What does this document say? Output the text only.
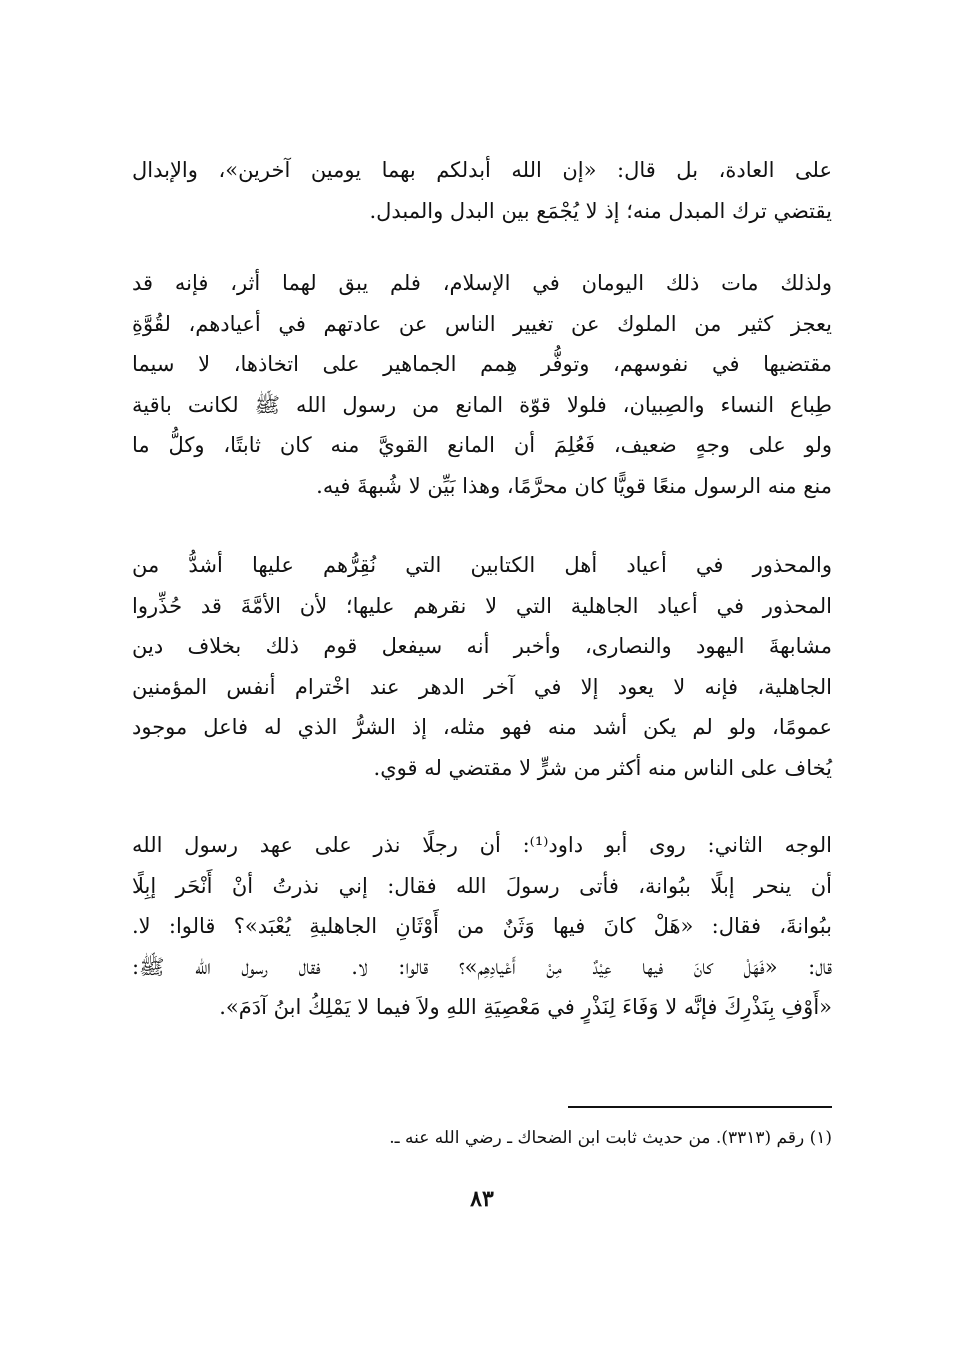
على العادة، بل قال: «إن الله أبدلكم بهما يومين آخرين»، والإبدال
يقتضي ترك المبدل منه؛ إذ لا يُجْمَع بين البدل والمبدل.
ولذلك مات ذلك اليومان في الإسلام، فلم يبق لهما أثر، فإنه قد
يعجز كثير من الملوك عن تغيير الناس عن عادتهم في أعيادهم، لقُوَّةِ
مقتضيها في نفوسهم، وتوفُّر هِمم الجماهير على اتخاذها، لا سيما
طِباع النساء والصِبيان، فلولا قوّة المانع من رسول الله ﷺ لكانت باقية
ولو على وجهٍ ضعيف، فَعُلِمَ أن المانع القويَّ منه كان ثابتًا، وكلُّ ما
منع منه الرسول منعًا قويًّا كان محرَّمًا، وهذا بَيِّن لا شُبهةَ فيه.
والمحذور في أعياد أهل الكتابين التي نُقِرُّهم عليها أشدُّ من
المحذور في أعياد الجاهلية التي لا نقرهم عليها؛ لأن الأمَّةَ قد حُذِّروا
مشابهةَ اليهود والنصارى، وأخبر أنه سيفعل قوم ذلك بخلاف دين
الجاهلية، فإنه لا يعود إلا في آخر الدهر عند اخْترام أنفس المؤمنين
عمومًا، ولو لم يكن أشد منه فهو مثله، إذ الشرُّ الذي له فاعل موجود
يُخاف على الناس منه أكثر من شرٍّ لا مقتضي له قوي.
الوجه الثاني: روى أبو داود⁽¹⁾: أن رجلًا نذر على عهد رسول الله
أن ينحر إبلًا ببُوانة، فأتى رسولَ الله فقال: إني نذرتُ أنْ أَنْحَر إبِلًا
ببُوانةَ، فقال: «هَلْ كانَ فيها وَثَنٌ من أَوْثَانِ الجاهليةِ يُعْبَد»؟ قالوا: لا.
قال: «فَهَلْ كانَ فيها عِيْدٌ مِنْ أَعْيادِهِم»؟ قالوا: لا. فقال رسول الله ﷺ:
«أَوْفِ بِنَذْرِكَ فإنَّه لا وَفَاءَ لِنَذْرٍ في مَعْصِيَةِ اللهِ ولاَ فيما لا يَمْلِكُ ابنُ آدَمَ».
(١) رقم (٣٣١٣). من حديث ثابت ابن الضحاك ـ رضي الله عنه ـ.
٨٣
